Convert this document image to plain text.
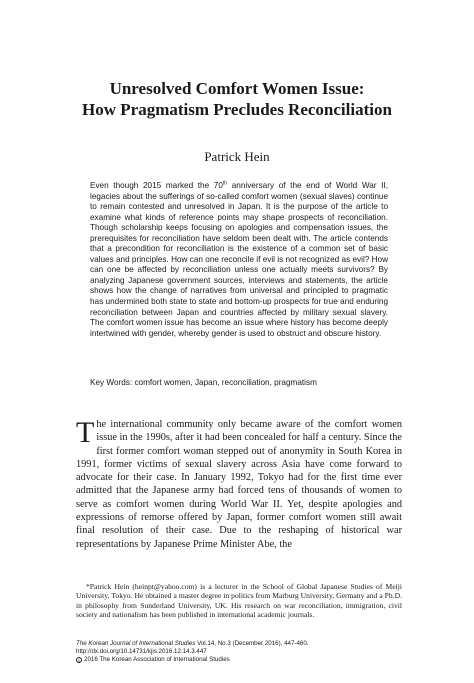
Unresolved Comfort Women Issue:
How Pragmatism Precludes Reconciliation
Patrick Hein

Even though 2015 marked the 70th anniversary of the end of World War II, legacies about the sufferings of so-called comfort women (sexual slaves) continue to remain contested and unresolved in Japan. It is the purpose of the article to examine what kinds of reference points may shape prospects of reconciliation. Though scholarship keeps focusing on apologies and compensation issues, the prerequisites for reconciliation have seldom been dealt with. The article contends that a precondition for reconciliation is the existence of a common set of basic values and principles. How can one reconcile if evil is not recognized as evil? How can one be affected by reconciliation unless one actually meets survivors? By analyzing Japanese government sources, interviews and statements, the article shows how the change of narratives from universal and principled to pragmatic has undermined both state to state and bottom-up prospects for true and enduring reconciliation between Japan and countries affected by military sexual slavery. The comfort women issue has become an issue where history has become deeply intertwined with gender, whereby gender is used to obstruct and obscure history.

Key Words: comfort women, Japan, reconciliation, pragmatism

The international community only became aware of the comfort women issue in the 1990s, after it had been concealed for half a century. Since the first former comfort woman stepped out of anonymity in South Korea in 1991, former victims of sexual slavery across Asia have come forward to advocate for their case. In January 1992, Tokyo had for the first time ever admitted that the Japanese army had forced tens of thousands of women to serve as comfort women during World War II. Yet, despite apologies and expressions of remorse offered by Japan, former comfort women still await final resolution of their case. Due to the reshaping of historical war representations by Japanese Prime Minister Abe, the

*Patrick Hein (heinpt@yahoo.com) is a lecturer in the School of Global Japanese Studies of Meiji University, Tokyo. He obtained a master degree in politics from Marburg University, Germany and a Ph.D. in philosophy from Sunderland University, UK. His research on war reconciliation, immigration, civil society and nationalism has been published in international academic journals.

The Korean Journal of International Studies Vol.14, No.3 (December 2016), 447-460.
http://dx.doi.org/10.14731/kjis.2016.12.14.3.447
c 2016 The Korean Association of International Studies
